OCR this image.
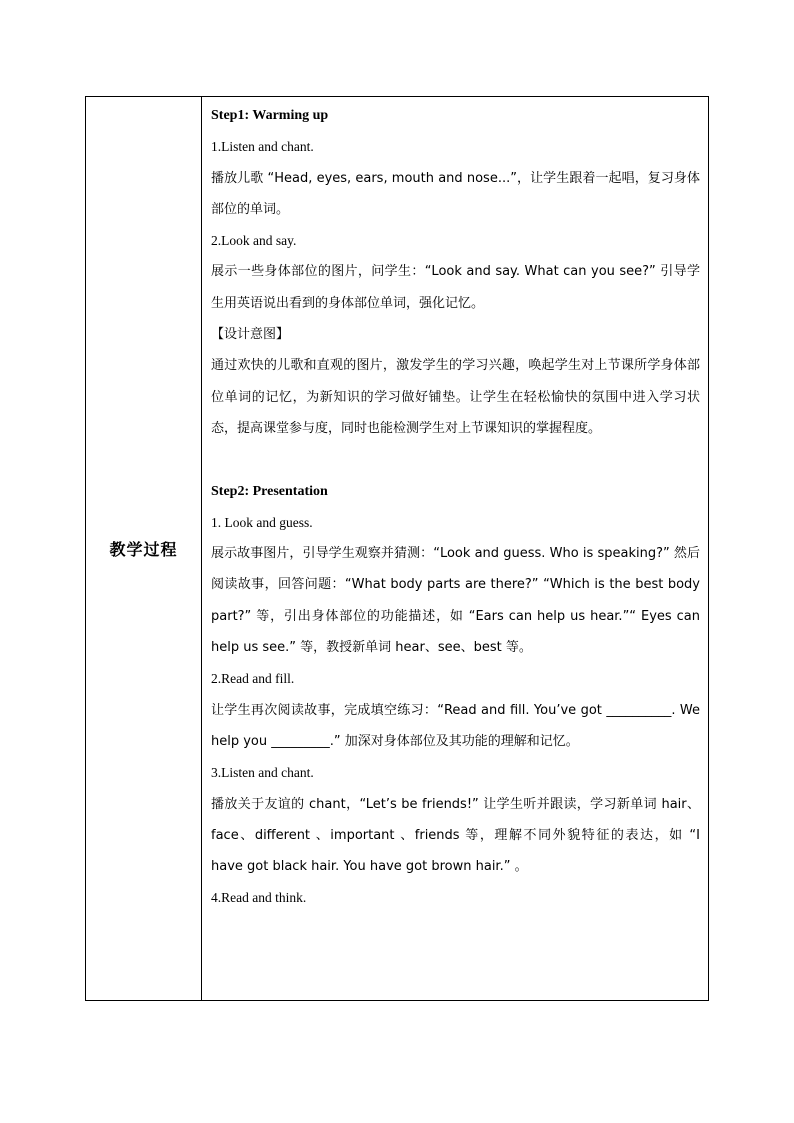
教学过程
Step1: Warming up
1.Listen and chant.
播放儿歌 “Head, eyes, ears, mouth and nose...”，让学生跟着一起唱，复习身体部位的单词。
2.Look and say.
展示一些身体部位的图片，问学生：“Look and say. What can you see?” 引导学生用英语说出看到的身体部位单词，强化记忆。
【设计意图】
通过欢快的儿歌和直观的图片，激发学生的学习兴趣，唤起学生对上节课所学身体部位单词的记忆，为新知识的学习做好铺垫。让学生在轻松愉快的氛围中进入学习状态，提高课堂参与度，同时也能检测学生对上节课知识的掌握程度。
Step2: Presentation
1. Look and guess.
展示故事图片，引导学生观察并猜测：“Look and guess. Who is speaking?” 然后阅读故事，回答问题：“What body parts are there?” “Which is the best body part?” 等，引出身体部位的功能描述，如 “Ears can help us hear.”“ Eyes can help us see.” 等，教授新单词 hear、see、best 等。
2.Read and fill.
让学生再次阅读故事，完成填空练习：“Read and fill. You’ve got __________. We help you _________.” 加深对身体部位及其功能的理解和记忆。
3.Listen and chant.
播放关于友谊的 chant，“Let’s be friends!” 让学生听并跟读，学习新单词 hair、face、different 、important 、friends 等，理解不同外貌特征的表达，如 “I have got black hair. You have got brown hair.” 。
4.Read and think.
